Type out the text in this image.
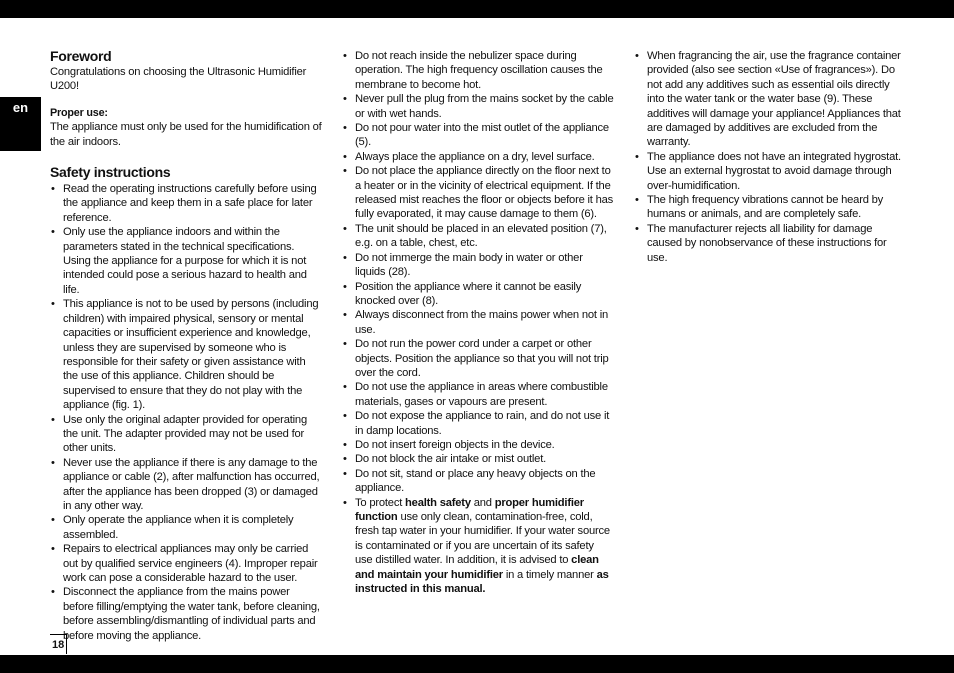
en
Foreword

Congratulations on choosing the Ultrasonic Humidifier U200!

Proper use:

The appliance must only be used for the humidification of the air indoors.

Safety instructions
• Read the operating instructions carefully before using the appliance and keep them in a safe place for later reference.
• Only use the appliance indoors and within the parameters stated in the technical specifications. Using the appliance for a purpose for which it is not intended could pose a serious hazard to health and life.
• This appliance is not to be used by persons (including children) with impaired physical, sensory or mental capacities or insufficient experience and knowledge, unless they are supervised by someone who is responsible for their safety or given assistance with the use of this appliance. Children should be supervised to ensure that they do not play with the appliance (fig. 1).
• Use only the original adapter provided for operating the unit. The adapter provided may not be used for other units.
• Never use the appliance if there is any damage to the appliance or cable (2), after malfunction has occurred, after the appliance has been dropped (3) or damaged in any other way.
• Only operate the appliance when it is completely assembled.
• Repairs to electrical appliances may only be carried out by qualified service engineers (4). Improper repair work can pose a considerable hazard to the user.
• Disconnect the appliance from the mains power before filling/emptying the water tank, before cleaning, before assembling/dismantling of individual parts and before moving the appliance.
• Do not reach inside the nebulizer space during operation. The high frequency oscillation causes the membrane to become hot.
• Never pull the plug from the mains socket by the cable or with wet hands.
• Do not pour water into the mist outlet of the appliance (5).
• Always place the appliance on a dry, level surface.
• Do not place the appliance directly on the floor next to a heater or in the vicinity of electrical equipment. If the released mist reaches the floor or objects before it has fully evaporated, it may cause damage to them (6).
• The unit should be placed in an elevated position (7), e.g. on a table, chest, etc.
• Do not immerge the main body in water or other liquids (28).
• Position the appliance where it cannot be easily knocked over (8).
• Always disconnect from the mains power when not in use.
• Do not run the power cord under a carpet or other objects. Position the appliance so that you will not trip over the cord.
• Do not use the appliance in areas where combustible materials, gases or vapours are present.
• Do not expose the appliance to rain, and do not use it in damp locations.
• Do not insert foreign objects in the device.
• Do not block the air intake or mist outlet.
• Do not sit, stand or place any heavy objects on the appliance.
• To protect health safety and proper humidifier function use only clean, contamination-free, cold, fresh tap water in your humidifier. If your water source is contaminated or if you are uncertain of its safety use distilled water. In addition, it is advised to clean and maintain your humidifier in a timely manner as instructed in this manual.
• When fragrancing the air, use the fragrance container provided (also see section «Use of fragrances»). Do not add any additives such as essential oils directly into the water tank or the water base (9). These additives will damage your appliance! Appliances that are damaged by additives are excluded from the warranty.
• The appliance does not have an integrated hygrostat. Use an external hygrostat to avoid damage through over-humidification.
• The high frequency vibrations cannot be heard by humans or animals, and are completely safe.
• The manufacturer rejects all liability for damage caused by nonobservance of these instructions for use.
18
